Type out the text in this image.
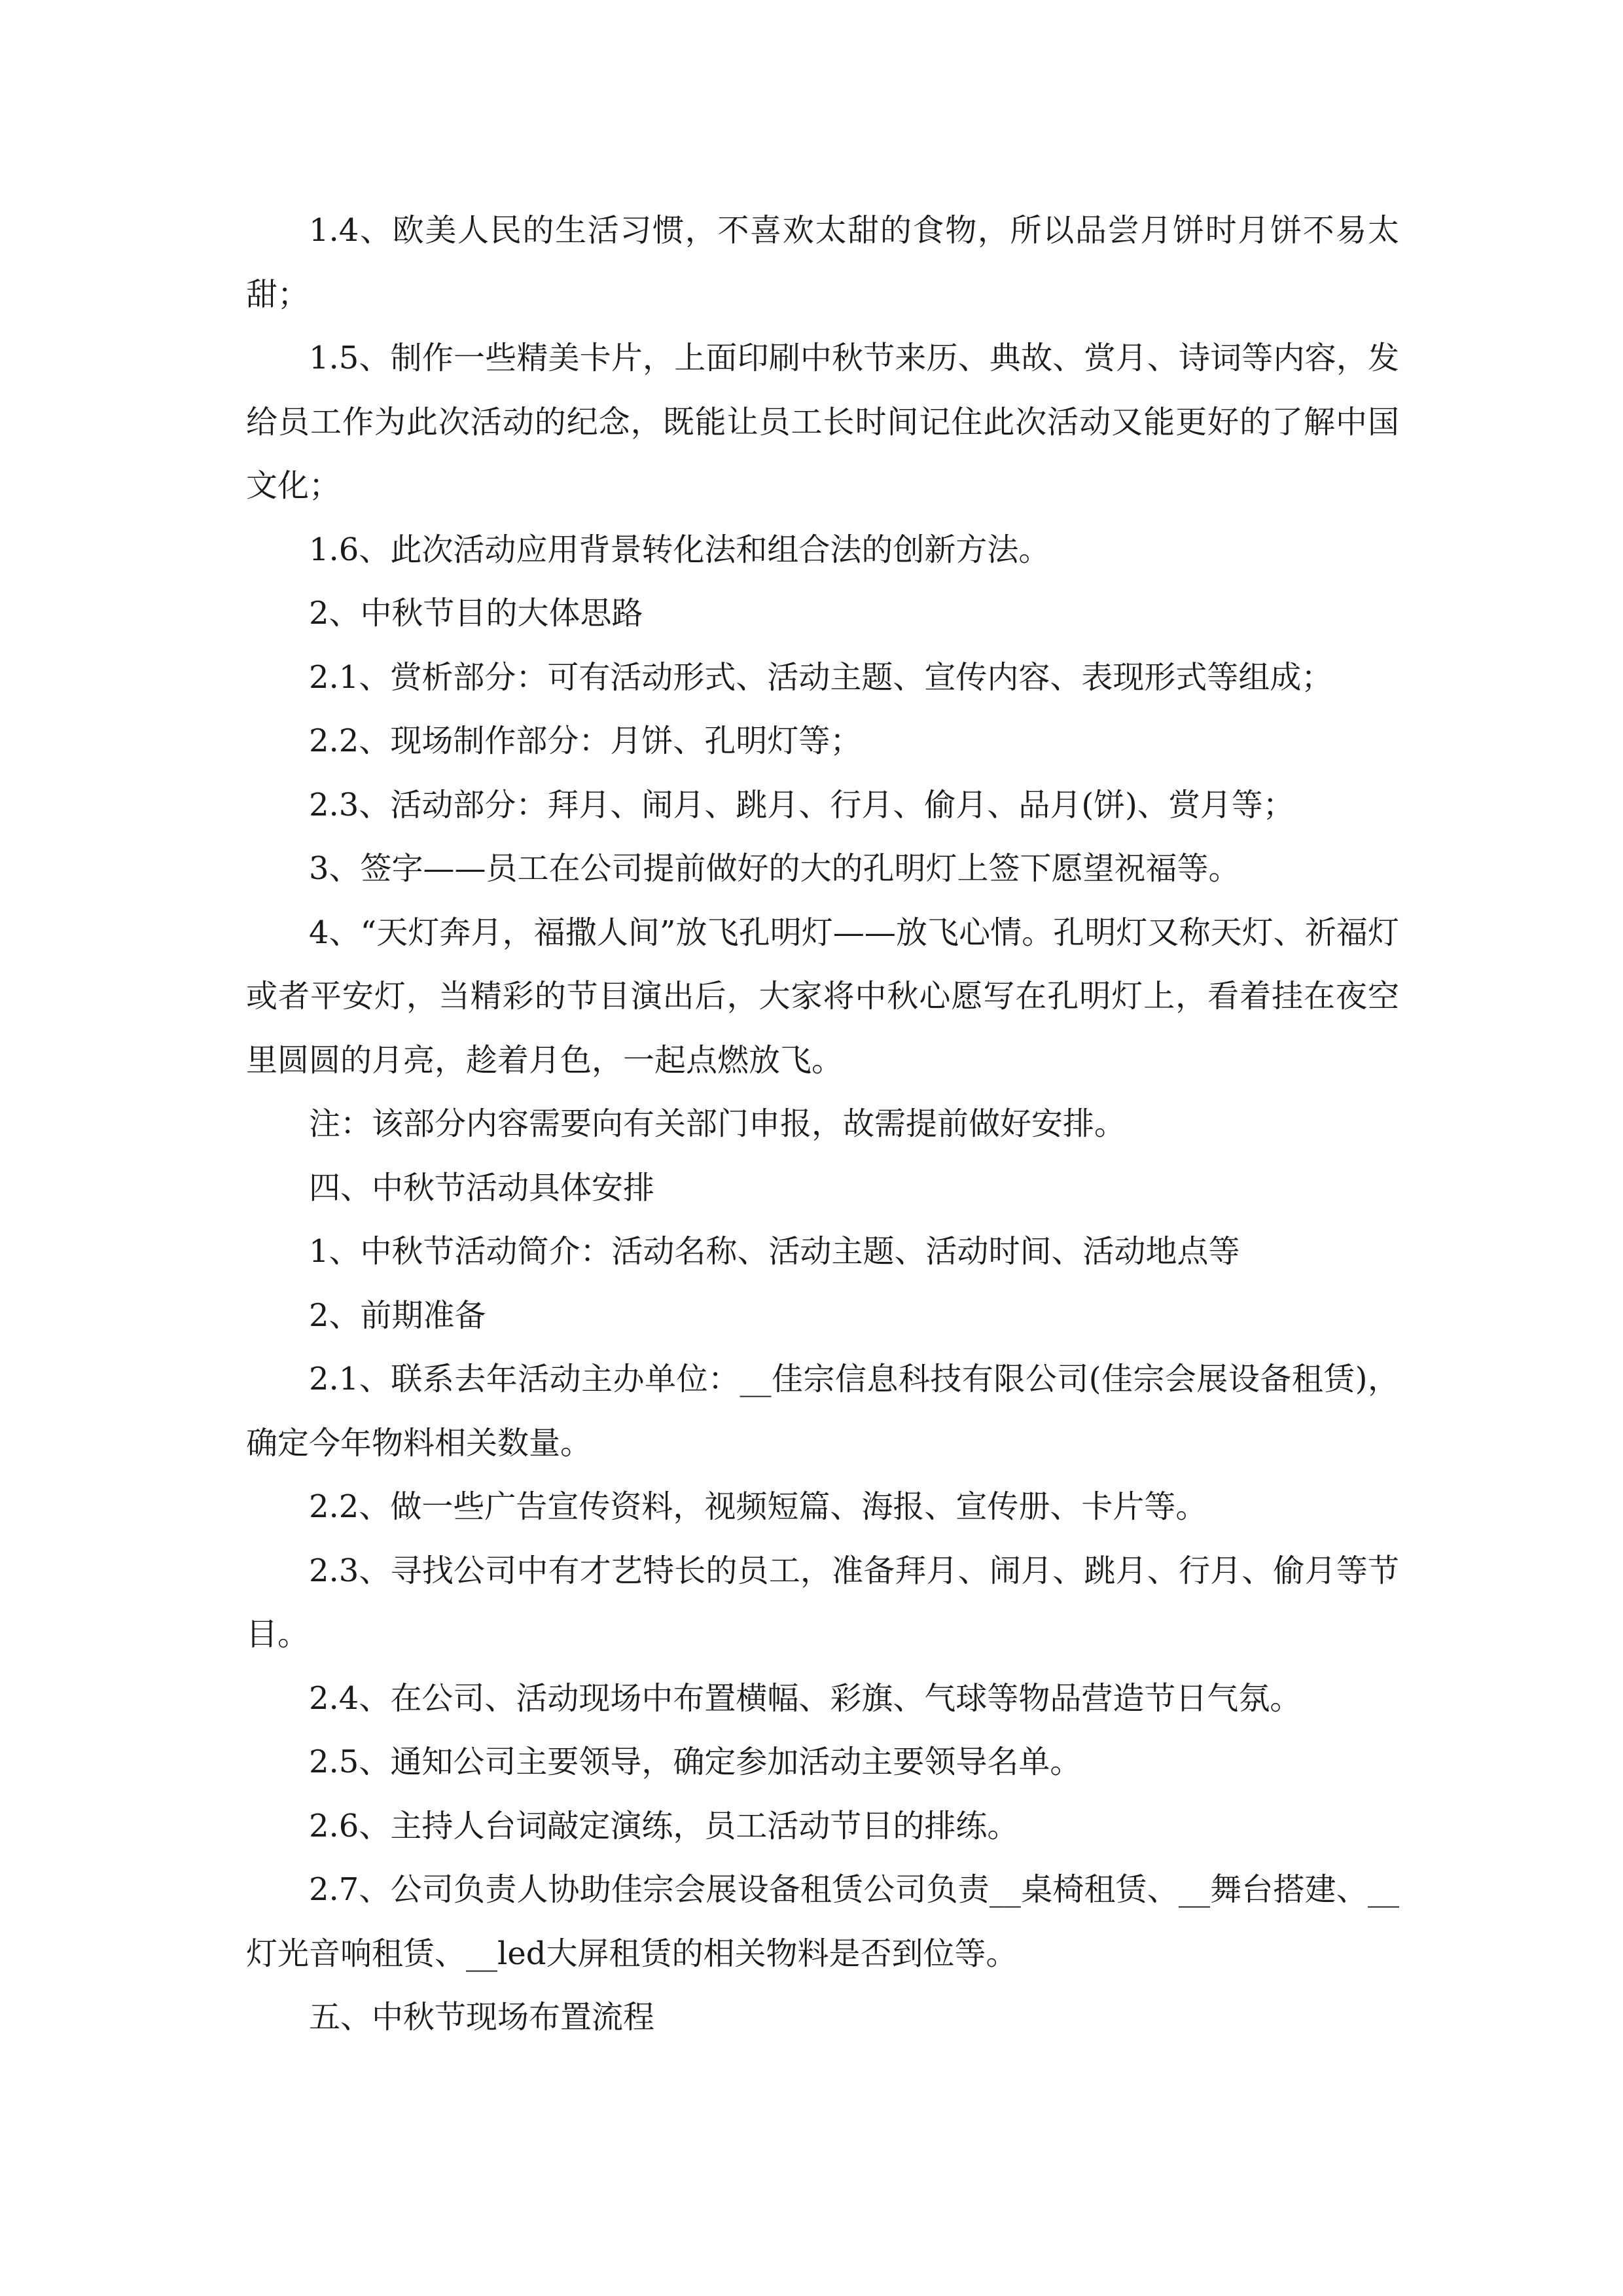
1.4、欧美人民的生活习惯，不喜欢太甜的食物，所以品尝月饼时月饼不易太甜；

1.5、制作一些精美卡片，上面印刷中秋节来历、典故、赏月、诗词等内容，发给员工作为此次活动的纪念，既能让员工长时间记住此次活动又能更好的了解中国文化；

1.6、此次活动应用背景转化法和组合法的创新方法。

2、中秋节目的大体思路

2.1、赏析部分：可有活动形式、活动主题、宣传内容、表现形式等组成；

2.2、现场制作部分：月饼、孔明灯等；

2.3、活动部分：拜月、闹月、跳月、行月、偷月、品月(饼)、赏月等；

3、签字——员工在公司提前做好的大的孔明灯上签下愿望祝福等。

4、“天灯奔月，福撒人间”放飞孔明灯——放飞心情。孔明灯又称天灯、祈福灯或者平安灯，当精彩的节目演出后，大家将中秋心愿写在孔明灯上，看着挂在夜空里圆圆的月亮，趁着月色，一起点燃放飞。

注：该部分内容需要向有关部门申报，故需提前做好安排。

四、中秋节活动具体安排

1、中秋节活动简介：活动名称、活动主题、活动时间、活动地点等

2、前期准备

2.1、联系去年活动主办单位：__佳宗信息科技有限公司(佳宗会展设备租赁)，确定今年物料相关数量。

2.2、做一些广告宣传资料，视频短篇、海报、宣传册、卡片等。

2.3、寻找公司中有才艺特长的员工，准备拜月、闹月、跳月、行月、偷月等节目。

2.4、在公司、活动现场中布置横幅、彩旗、气球等物品营造节日气氛。

2.5、通知公司主要领导，确定参加活动主要领导名单。

2.6、主持人台词敲定演练，员工活动节目的排练。

2.7、公司负责人协助佳宗会展设备租赁公司负责__桌椅租赁、__舞台搭建、__灯光音响租赁、__led大屏租赁的相关物料是否到位等。

五、中秋节现场布置流程
